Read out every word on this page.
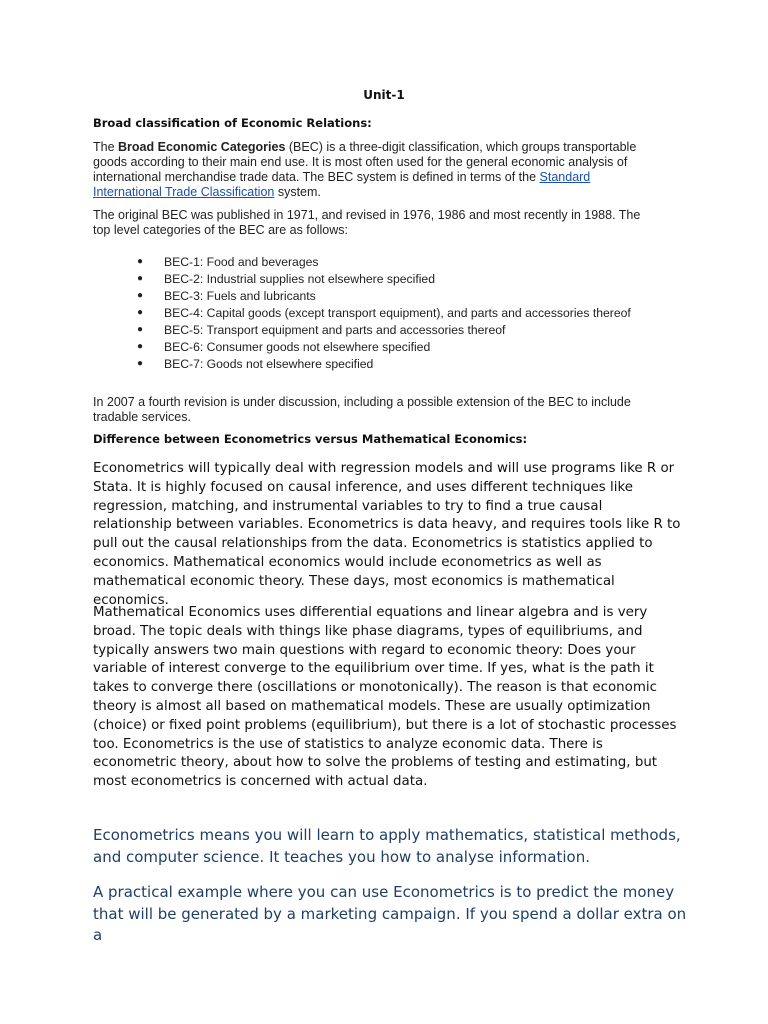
Unit-1
Broad classification of Economic Relations:

The Broad Economic Categories (BEC) is a three-digit classification, which groups transportable goods according to their main end use. It is most often used for the general economic analysis of international merchandise trade data. The BEC system is defined in terms of the Standard International Trade Classification system.

The original BEC was published in 1971, and revised in 1976, 1986 and most recently in 1988. The top level categories of the BEC are as follows:

● BEC-1: Food and beverages
● BEC-2: Industrial supplies not elsewhere specified
● BEC-3: Fuels and lubricants
● BEC-4: Capital goods (except transport equipment), and parts and accessories thereof
● BEC-5: Transport equipment and parts and accessories thereof
● BEC-6: Consumer goods not elsewhere specified
● BEC-7: Goods not elsewhere specified

In 2007 a fourth revision is under discussion, including a possible extension of the BEC to include tradable services.

Difference between Econometrics versus Mathematical Economics:

Econometrics will typically deal with regression models and will use programs like R or Stata. It is highly focused on causal inference, and uses different techniques like regression, matching, and instrumental variables to try to find a true causal relationship between variables. Econometrics is data heavy, and requires tools like R to pull out the causal relationships from the data. Econometrics is statistics applied to economics. Mathematical economics would include econometrics as well as mathematical economic theory. These days, most economics is mathematical economics.

Mathematical Economics uses differential equations and linear algebra and is very broad. The topic deals with things like phase diagrams, types of equilibriums, and typically answers two main questions with regard to economic theory: Does your variable of interest converge to the equilibrium over time. If yes, what is the path it takes to converge there (oscillations or monotonically). The reason is that economic theory is almost all based on mathematical models. These are usually optimization (choice) or fixed point problems (equilibrium), but there is a lot of stochastic processes too. Econometrics is the use of statistics to analyze economic data. There is econometric theory, about how to solve the problems of testing and estimating, but most econometrics is concerned with actual data.

Econometrics means you will learn to apply mathematics, statistical methods, and computer science. It teaches you how to analyse information.

A practical example where you can use Econometrics is to predict the money that will be generated by a marketing campaign. If you spend a dollar extra on a
